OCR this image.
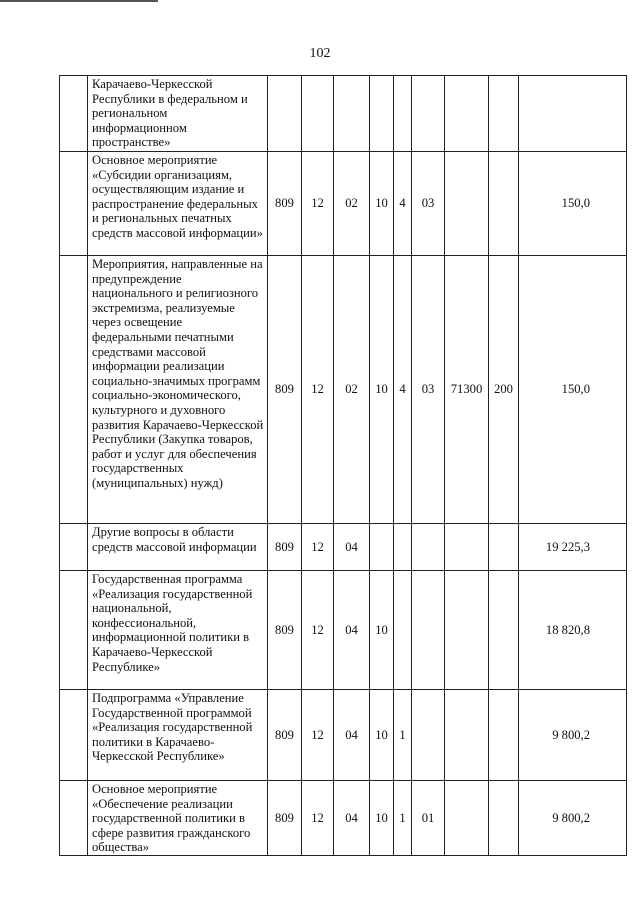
102
	Карачаево-Черкесской Республики в федеральном и региональном информационном пространстве»									
	Основное мероприятие «Субсидии организациям, осуществляющим издание и распространение федеральных и региональных печатных средств массовой информации»	809	12	02	10	4	03			150,0
	Мероприятия, направленные на предупреждение национального и религиозного экстремизма, реализуемые через освещение федеральными печатными средствами массовой информации реализации социально-значимых программ социально-экономического, культурного и духовного развития Карачаево-Черкесской Республики (Закупка товаров, работ и услуг для обеспечения государственных (муниципальных) нужд)	809	12	02	10	4	03	71300	200	150,0
	Другие вопросы в области средств массовой информации	809	12	04						19 225,3
	Государственная программа «Реализация государственной национальной, конфессиональной, информационной политики в Карачаево-Черкесской Республике»	809	12	04	10					18 820,8
	Подпрограмма «Управление Государственной программой «Реализация государственной политики в Карачаево-Черкесской Республике»	809	12	04	10	1				9 800,2
	Основное мероприятие «Обеспечение реализации государственной политики в сфере развития гражданского общества»	809	12	04	10	1	01			9 800,2
